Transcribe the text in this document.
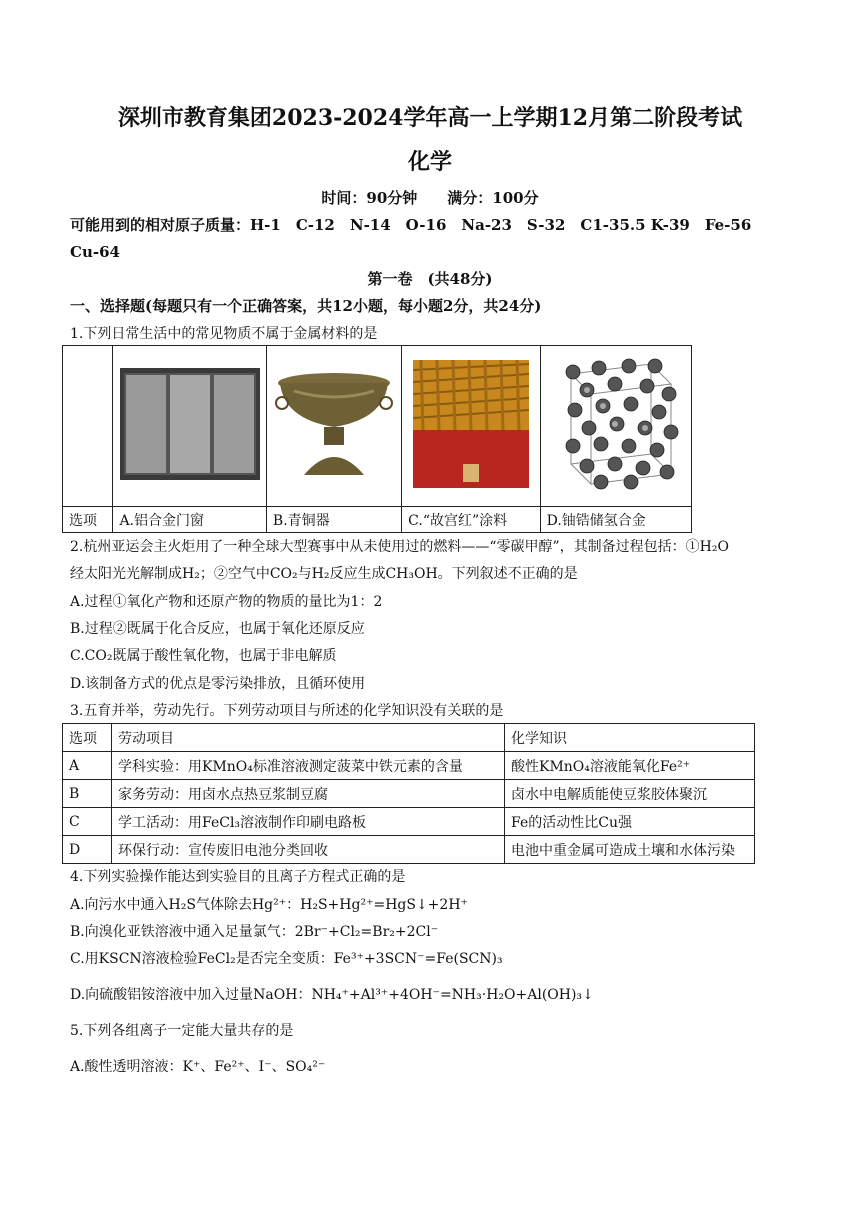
深圳市教育集团2023-2024学年高一上学期12月第二阶段考试
化学
时间：90分钟　　满分：100分
可能用到的相对原子质量：H-1　C-12　N-14　O-16　Na-23　S-32　C1-35.5 K-39　Fe-56
Cu-64
第一卷　(共48分)
一、选择题(每题只有一个正确答案，共12小题，每小题2分，共24分)
1.下列日常生活中的常见物质不属于金属材料的是

选项	A.铝合金门窗	B.青铜器	C.“故宫红”涂料	D.铀锆储氢合金
2.杭州亚运会主火炬用了一种全球大型赛事中从未使用过的燃料——“零碳甲醇”，其制备过程包括：①H₂O
经太阳光光解制成H₂；②空气中CO₂与H₂反应生成CH₃OH。下列叙述不正确的是
A.过程①氧化产物和还原产物的物质的量比为1：2
B.过程②既属于化合反应，也属于氧化还原反应
C.CO₂既属于酸性氧化物，也属于非电解质
D.该制备方式的优点是零污染排放，且循环使用
3.五育并举，劳动先行。下列劳动项目与所述的化学知识没有关联的是
选项	劳动项目	化学知识
A	学科实验：用KMnO₄标准溶液测定菠菜中铁元素的含量	酸性KMnO₄溶液能氧化Fe²⁺
B	家务劳动：用卤水点热豆浆制豆腐	卤水中电解质能使豆浆胶体聚沉
C	学工活动：用FeCl₃溶液制作印刷电路板	Fe的活动性比Cu强
D	环保行动：宣传废旧电池分类回收	电池中重金属可造成土壤和水体污染
4.下列实验操作能达到实验目的且离子方程式正确的是
A.向污水中通入H₂S气体除去Hg²⁺：H₂S+Hg²⁺=HgS↓+2H⁺
B.向溴化亚铁溶液中通入足量氯气：2Br⁻+Cl₂=Br₂+2Cl⁻
C.用KSCN溶液检验FeCl₂是否完全变质：Fe³⁺+3SCN⁻=Fe(SCN)₃
D.向硫酸铝铵溶液中加入过量NaOH：NH₄⁺+Al³⁺+4OH⁻=NH₃·H₂O+Al(OH)₃↓
5.下列各组离子一定能大量共存的是
A.酸性透明溶液：K⁺、Fe²⁺、I⁻、SO₄²⁻
